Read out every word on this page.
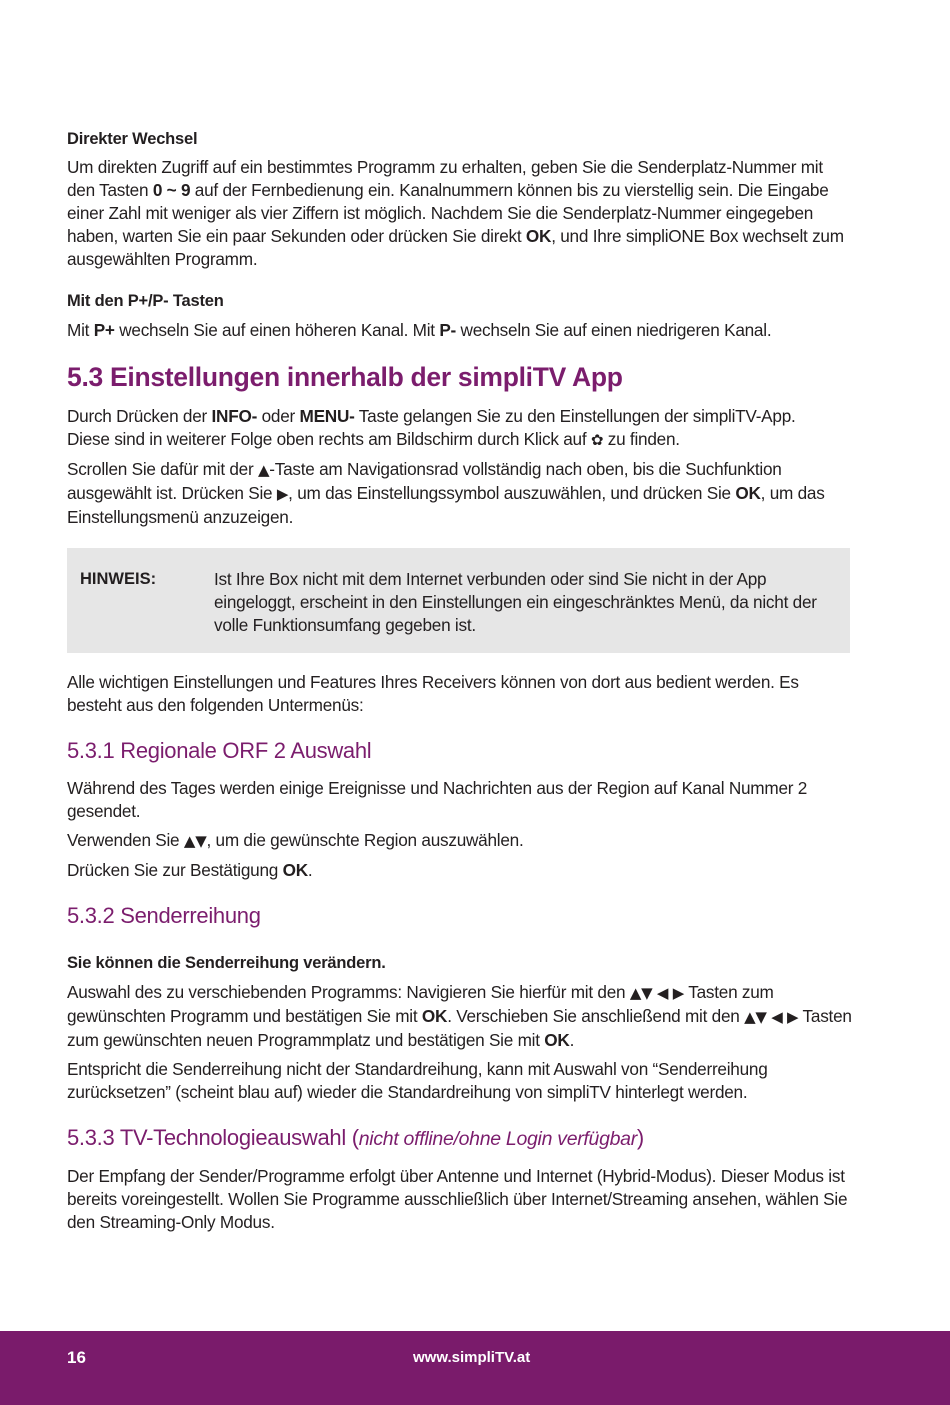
Direkter Wechsel

Um direkten Zugriff auf ein bestimmtes Programm zu erhalten, geben Sie die Senderplatz-Nummer mit den Tasten 0 ~ 9 auf der Fernbedienung ein. Kanalnummern können bis zu vierstellig sein. Die Eingabe einer Zahl mit weniger als vier Ziffern ist möglich. Nachdem Sie die Senderplatz-Nummer eingegeben haben, warten Sie ein paar Sekunden oder drücken Sie direkt OK, und Ihre simpliONE Box wechselt zum ausgewählten Programm.

Mit den P+/P- Tasten

Mit P+ wechseln Sie auf einen höheren Kanal. Mit P- wechseln Sie auf einen niedrigeren Kanal.

5.3 Einstellungen innerhalb der simpliTV App

Durch Drücken der INFO- oder MENU- Taste gelangen Sie zu den Einstellungen der simpliTV-App.
Diese sind in weiterer Folge oben rechts am Bildschirm durch Klick auf ✿ zu finden.

Scrollen Sie dafür mit der ▲-Taste am Navigationsrad vollständig nach oben, bis die Suchfunktion ausgewählt ist. Drücken Sie ▶, um das Einstellungssymbol auszuwählen, und drücken Sie OK, um das Einstellungsmenü anzuzeigen.

HINWEIS:	Ist Ihre Box nicht mit dem Internet verbunden oder sind Sie nicht in der App eingeloggt, erscheint in den Einstellungen ein eingeschränktes Menü, da nicht der volle Funktionsumfang gegeben ist.

Alle wichtigen Einstellungen und Features Ihres Receivers können von dort aus bedient werden. Es besteht aus den folgenden Untermenüs:

5.3.1 Regionale ORF 2 Auswahl

Während des Tages werden einige Ereignisse und Nachrichten aus der Region auf Kanal Nummer 2 gesendet.

Verwenden Sie ▲▼, um die gewünschte Region auszuwählen.

Drücken Sie zur Bestätigung OK.

5.3.2 Senderreihung
Sie können die Senderreihung verändern.

Auswahl des zu verschiebenden Programms: Navigieren Sie hierfür mit den ▲▼ ◀ ▶ Tasten zum gewünschten Programm und bestätigen Sie mit OK. Verschieben Sie anschließend mit den ▲▼ ◀ ▶ Tasten zum gewünschten neuen Programmplatz und bestätigen Sie mit OK.

Entspricht die Senderreihung nicht der Standardreihung, kann mit Auswahl von “Senderreihung zurücksetzen” (scheint blau auf) wieder die Standardreihung von simpliTV hinterlegt werden.

5.3.3 TV-Technologieauswahl (nicht offline/ohne Login verfügbar)

Der Empfang der Sender/Programme erfolgt über Antenne und Internet (Hybrid-Modus). Dieser Modus ist bereits voreingestellt. Wollen Sie Programme ausschließlich über Internet/Streaming ansehen, wählen Sie den Streaming-Only Modus.

16	www.simpliTV.at
